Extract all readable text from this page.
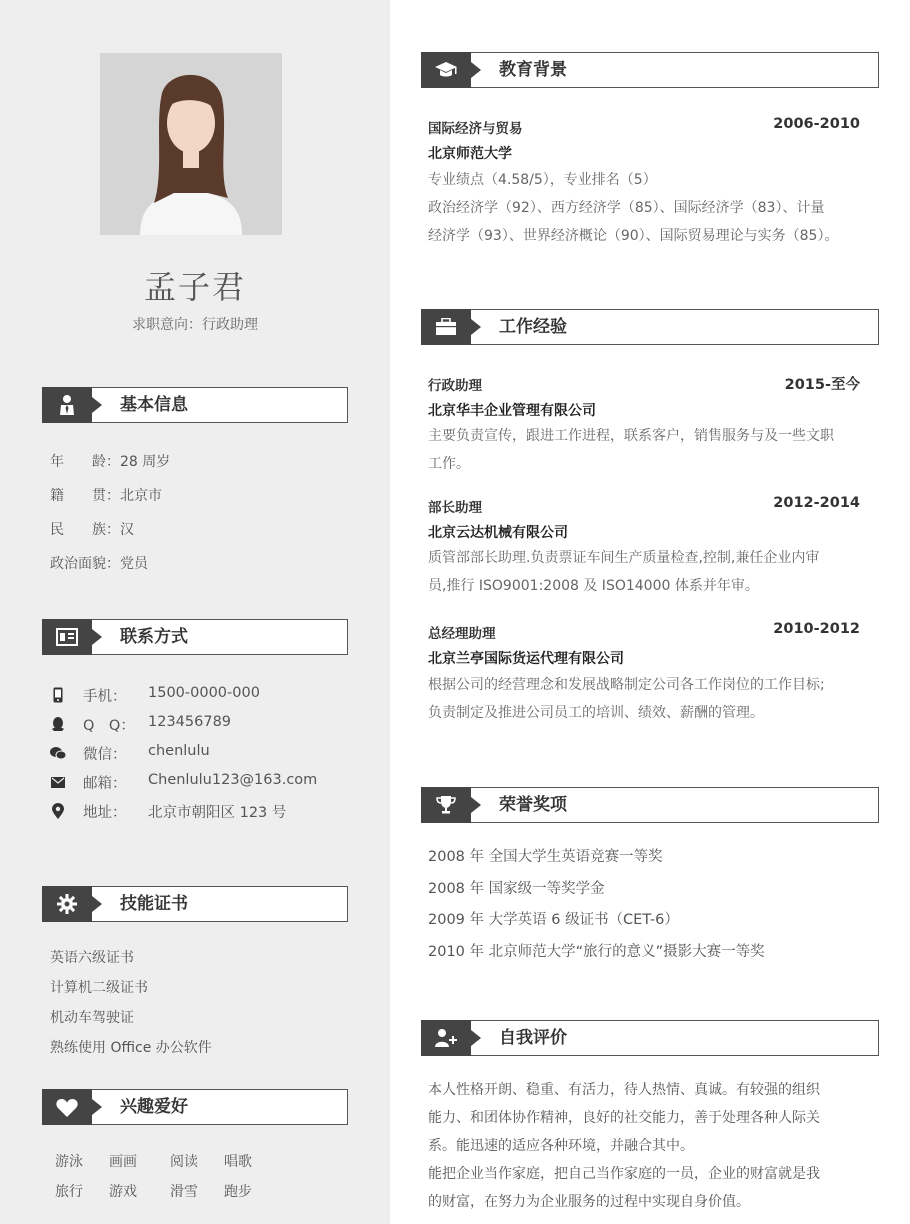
孟子君
求职意向：行政助理
基本信息
年　　龄：28 周岁
籍　　贯：北京市
民　　族：汉
政治面貌：党员
联系方式
手机： 1500-0000-000
Q　Q： 123456789
微信： chenlulu
邮箱： Chenlulu123@163.com
地址： 北京市朝阳区 123 号
技能证书
英语六级证书
计算机二级证书
机动车驾驶证
熟练使用 Office 办公软件
兴趣爱好
游泳 画画 阅读 唱歌
旅行 游戏 滑雪 跑步
教育背景
国际经济与贸易	2006-2010
北京师范大学
专业绩点（4.58/5），专业排名（5）
政治经济学（92）、西方经济学（85）、国际经济学（83）、计量
经济学（93）、世界经济概论（90）、国际贸易理论与实务（85）。
工作经验
行政助理	2015-至今
北京华丰企业管理有限公司
主要负责宣传，跟进工作进程，联系客户，销售服务与及一些文职
工作。
部长助理	2012-2014
北京云达机械有限公司
质管部部长助理.负责票证车间生产质量检查,控制,兼任企业内审
员,推行 ISO9001:2008 及 ISO14000 体系并年审。
总经理助理	2010-2012
北京兰亭国际货运代理有限公司
根据公司的经营理念和发展战略制定公司各工作岗位的工作目标;
负责制定及推进公司员工的培训、绩效、薪酬的管理。
荣誉奖项
2008 年 全国大学生英语竞赛一等奖
2008 年 国家级一等奖学金
2009 年 大学英语 6 级证书（CET-6）
2010 年 北京师范大学“旅行的意义”摄影大赛一等奖
自我评价
本人性格开朗、稳重、有活力，待人热情、真诚。有较强的组织
能力、和团体协作精神，良好的社交能力，善于处理各种人际关
系。能迅速的适应各种环境，并融合其中。
能把企业当作家庭，把自己当作家庭的一员，企业的财富就是我
的财富，在努力为企业服务的过程中实现自身价值。
